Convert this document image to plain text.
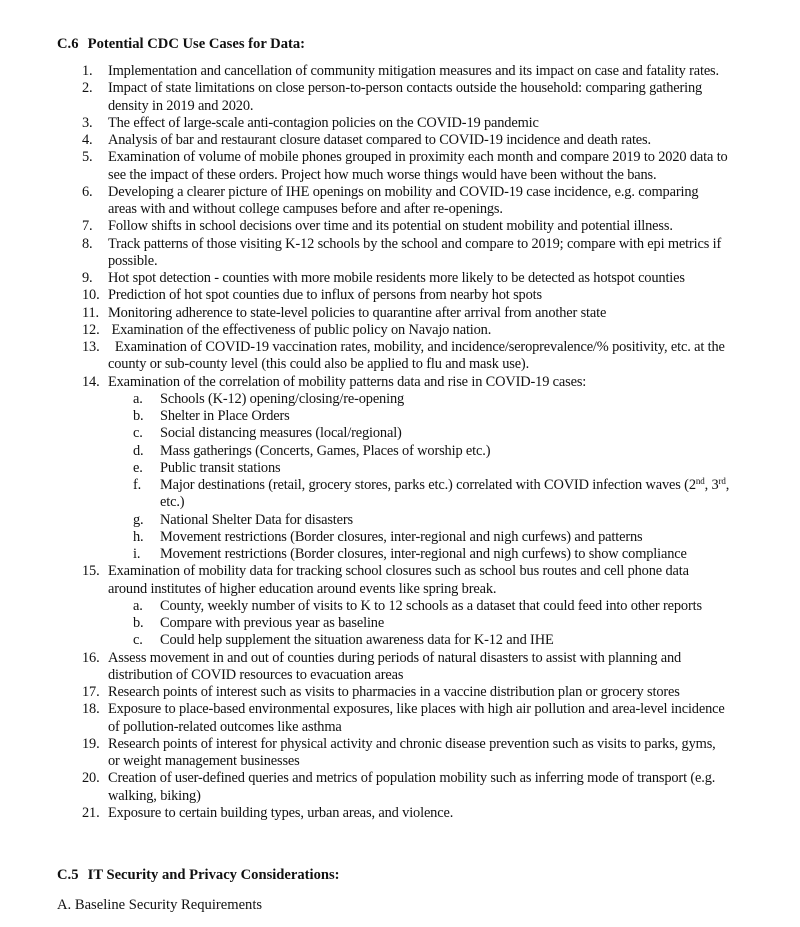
C.6 Potential CDC Use Cases for Data:
1. Implementation and cancellation of community mitigation measures and its impact on case and fatality rates.
2. Impact of state limitations on close person-to-person contacts outside the household: comparing gathering density in 2019 and 2020.
3. The effect of large-scale anti-contagion policies on the COVID-19 pandemic
4. Analysis of bar and restaurant closure dataset compared to COVID-19 incidence and death rates.
5. Examination of volume of mobile phones grouped in proximity each month and compare 2019 to 2020 data to see the impact of these orders. Project how much worse things would have been without the bans.
6. Developing a clearer picture of IHE openings on mobility and COVID-19 case incidence, e.g. comparing areas with and without college campuses before and after re-openings.
7. Follow shifts in school decisions over time and its potential on student mobility and potential illness.
8. Track patterns of those visiting K-12 schools by the school and compare to 2019; compare with epi metrics if possible.
9. Hot spot detection - counties with more mobile residents more likely to be detected as hotspot counties
10. Prediction of hot spot counties due to influx of persons from nearby hot spots
11. Monitoring adherence to state-level policies to quarantine after arrival from another state
12. Examination of the effectiveness of public policy on Navajo nation.
13. Examination of COVID-19 vaccination rates, mobility, and incidence/seroprevalence/% positivity, etc. at the county or sub-county level (this could also be applied to flu and mask use).
14. Examination of the correlation of mobility patterns data and rise in COVID-19 cases:
a. Schools (K-12) opening/closing/re-opening
b. Shelter in Place Orders
c. Social distancing measures (local/regional)
d. Mass gatherings (Concerts, Games, Places of worship etc.)
e. Public transit stations
f. Major destinations (retail, grocery stores, parks etc.) correlated with COVID infection waves (2nd, 3rd, etc.)
g. National Shelter Data for disasters
h. Movement restrictions (Border closures, inter-regional and nigh curfews) and patterns
i. Movement restrictions (Border closures, inter-regional and nigh curfews) to show compliance
15. Examination of mobility data for tracking school closures such as school bus routes and cell phone data around institutes of higher education around events like spring break.
a. County, weekly number of visits to K to 12 schools as a dataset that could feed into other reports
b. Compare with previous year as baseline
c. Could help supplement the situation awareness data for K-12 and IHE
16. Assess movement in and out of counties during periods of natural disasters to assist with planning and distribution of COVID resources to evacuation areas
17. Research points of interest such as visits to pharmacies in a vaccine distribution plan or grocery stores
18. Exposure to place-based environmental exposures, like places with high air pollution and area-level incidence of pollution-related outcomes like asthma
19. Research points of interest for physical activity and chronic disease prevention such as visits to parks, gyms, or weight management businesses
20. Creation of user-defined queries and metrics of population mobility such as inferring mode of transport (e.g. walking, biking)
21. Exposure to certain building types, urban areas, and violence.
C.5 IT Security and Privacy Considerations:
A. Baseline Security Requirements
